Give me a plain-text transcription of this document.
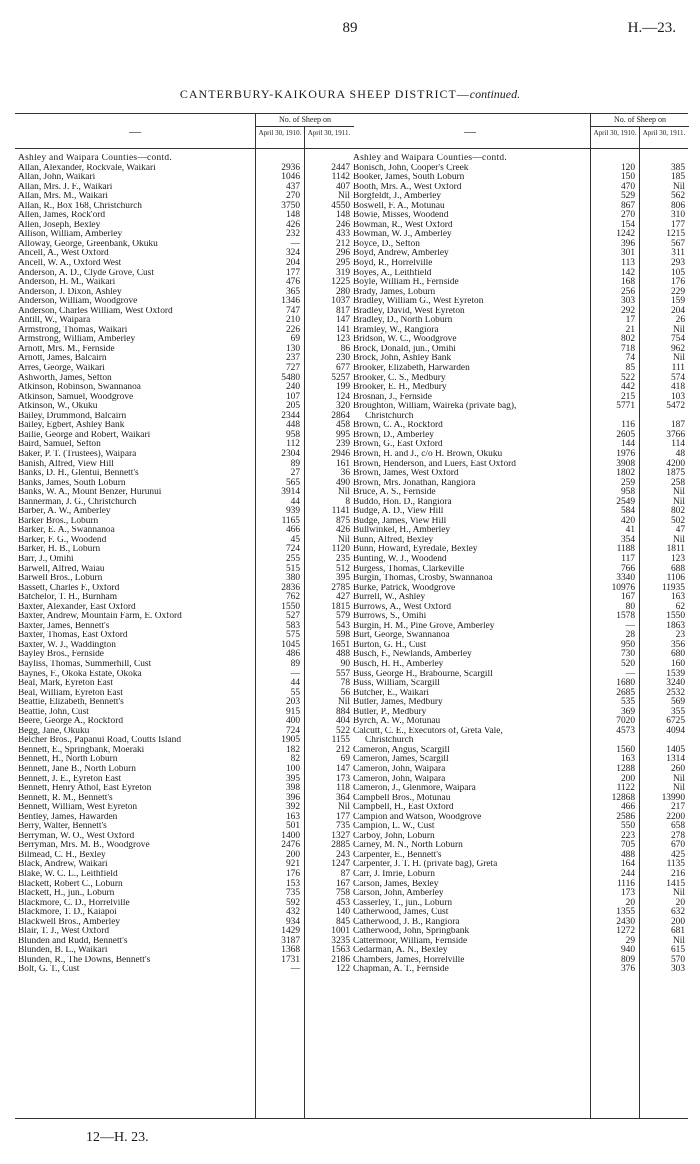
89	H.—23.
CANTERBURY-KAIKOURA SHEEP DISTRICT—continued.
—
No. of Sheep on
April 30, 1910. April 30, 1911.
Ashley and Waipara Counties—contd.
Allan, Alexander, Rockvale, Waikari	2936	2447
Allan, John, Waikari	1046	1142
Allan, Mrs. J. F., Waikari	437	407
Allan, Mrs. M., Waikari	270	Nil
Allan, R., Box 168, Christchurch	3750	4550
Allen, James, Rock'ord	148	148
Allen, Joseph, Bexley	426	246
Allison, William, Amberley	232	433
Alloway, George, Greenbank, Okuku	—	212
Ancell, A., West Oxford	324	296
Ancell, W. A., Oxford West	204	295
Anderson, A. D., Clyde Grove, Cust	177	319
Anderson, H. M., Waikari	476	1225
Anderson, J. Dixon, Ashley	365	280
Anderson, William, Woodgrove	1346	1037
Anderson, Charles William, West Oxford	747	817
Antill, W., Waipara	210	147
Armstrong, Thomas, Waikari	226	141
Armstrong, William, Amberley	69	123
Arnott, Mrs. M., Fernside	130	86
Arnott, James, Balcairn	237	230
Arres, George, Waikari	727	677
Ashworth, James, Sefton	5480	5257
Atkinson, Robinson, Swannanoa	240	199
Atkinson, Samuel, Woodgrove	107	124
Atkinson, W., Okuku	205	320
Bailey, Drummond, Balcairn	2344	2864
Bailey, Egbert, Ashley Bank	448	458
Bailie, George and Robert, Waikari	958	995
Baird, Samuel, Sefton	112	239
Baker, P. T. (Trustees), Waipara	2304	2946
Banish, Alfred, View Hill	89	161
Banks, D. H., Glentui, Bennett's	27	36
Banks, James, South Loburn	565	490
Banks, W. A., Mount Benzer, Hurunui	3914	Nil
Bannerman, J. G., Christchurch	44	8
Barber, A. W., Amberley	939	1141
Barker Bros., Loburn	1165	875
Barker, E. A., Swannanoa	466	426
Barker, F. G., Woodend	45	Nil
Barker, H. B., Loburn	724	1120
Barr, J., Omihi	255	235
Barwell, Alfred, Waiau	515	512
Barwell Bros., Loburn	380	395
Bassett, Charles F., Oxford	2836	2785
Batchelor, T. H., Burnham	762	427
Baxter, Alexander, East Oxford	1550	1815
Baxter, Andrew, Mountain Farm, E. Oxford	527	579
Baxter, James, Bennett's	583	543
Baxter, Thomas, East Oxford	575	598
Baxter, W. J., Waddington	1045	1651
Bayley Bros., Fernside	486	488
Bayliss, Thomas, Summerhill, Cust	89	90
Baynes, F., Okoka Estate, Okoka	—	557
Beal, Mark, Eyreton East	44	78
Beal, William, Eyreton East	55	56
Beattie, Elizabeth, Bennett's	203	Nil
Beattie, John, Cust	915	884
Beere, George A., Rockford	400	404
Begg, Jane, Okuku	724	522
Belcher Bros., Papanui Road, Coutts Island	1905	1155
Bennett, E., Springbank, Moeraki	182	212
Bennett, H., North Loburn	82	69
Bennett, Jane B., North Loburn	100	147
Bennett, J. E., Eyreton East	395	173
Bennett, Henry Athol, East Eyreton	398	118
Bennett, R. M., Bennett's	396	364
Bennett, William, West Eyreton	392	Nil
Bentley, James, Hawarden	163	177
Berry, Walter, Bennett's	501	735
Berryman, W. O., West Oxford	1400	1327
Berryman, Mrs. M. B., Woodgrove	2476	2885
Bilmead, C. H., Bexley	200	243
Black, Andrew, Waikari	921	1247
Blake, W. C. L., Leithfield	176	87
Blackett, Robert C., Loburn	153	167
Blackett, H., jun., Loburn	735	758
Blackmore, C. D., Horrelville	592	453
Blackmore, T. D., Kaiapoi	432	140
Blackwell Bros., Amberley	934	845
Blair, T. J., West Oxford	1429	1001
Blunden and Rudd, Bennett's	3187	3235
Blunden, B. L., Waikari	1368	1563
Blunden, R., The Downs, Bennett's	1731	2186
Bolt, G. T., Cust	—	122
—
No. of Sheep on
April 30, 1910. April 30, 1911.
Ashley and Waipara Counties—contd.
Bonisch, John, Cooper's Creek	120	385
Booker, James, South Loburn	150	185
Booth, Mrs. A., West Oxford	470	Nil
Borgfeldt, J., Amberley	529	562
Boswell, F. A., Motunau	867	806
Bowie, Misses, Woodend	270	310
Bowman, R., West Oxford	154	177
Bowman, W. J., Amberley	1242	1215
Boyce, D., Sefton	396	567
Boyd, Andrew, Amberley	301	311
Boyd, R., Horrelville	113	293
Boyes, A., Leithfield	142	105
Boyle, William H., Fernside	168	176
Brady, James, Loburn	256	229
Bradley, William G., West Eyreton	303	159
Bradley, David, West Eyreton	292	204
Bradley, D., North Loburn	17	26
Bramley, W., Rangiora	21	Nil
Bridson, W. C., Woodgrove	802	754
Brock, Donald, jun., Omihi	718	962
Brock, John, Ashley Bank	74	Nil
Brooker, Elizabeth, Harwarden	85	111
Brooker, C. S., Medbury	522	574
Brooker, E. H., Medbury	442	418
Brosnan, J., Fernside	215	103
Broughton, William, Waireka (private bag),	5771	5472
Christchurch
Brown, C. A., Rockford	116	187
Brown, D., Amberley	2605	3766
Brown, G., East Oxford	144	114
Brown, H. and J., c/o H. Brown, Okuku	1976	48
Brown, Henderson, and Luers, East Oxford	3908	4200
Brown, James, West Oxford	1802	1875
Brown, Mrs. Jonathan, Rangiora	259	258
Bruce, A. S., Fernside	958	Nil
Buddo, Hon. D., Rangiora	2549	Nil
Budge, A. D., View Hill	584	802
Budge, James, View Hill	420	502
Bullwinkel, H., Amberley	41	47
Bunn, Alfred, Bexley	354	Nil
Bunn, Howard, Eyredale, Bexley	1188	1811
Bunting, W. J., Woodend	117	123
Burgess, Thomas, Clarkeville	766	688
Burgin, Thomas, Crosby, Swannanoa	3340	1106
Burke, Patrick, Woodgrove	10976	11935
Burrell, W., Ashley	167	163
Burrows, A., West Oxford	80	62
Burrows, S., Omihi	1578	1550
Burgin, H. M., Pine Grove, Amberley	—	1863
Burt, George, Swannanoa	28	23
Burton, G. H., Cust	950	356
Busch, F., Newlands, Amberley	730	680
Busch, H. H., Amberley	520	160
Buss, George H., Brabourne, Scargill	—	1539
Buss, William, Scargill	1680	3240
Butcher, E., Waikari	2685	2532
Butler, James, Medbury	535	569
Butler, P., Medbury	369	355
Byrch, A. W., Motunau	7020	6725
Calcutt, C. E., Executors of, Greta Vale,	4573	4094
Christchurch
Cameron, Angus, Scargill	1560	1405
Cameron, James, Scargill	163	1314
Cameron, John, Waipara	1288	260
Cameron, John, Waipara	200	Nil
Cameron, J., Glenmore, Waipara	1122	Nil
Campbell Bros., Motunau	12868	13990
Campbell, H., East Oxford	466	217
Campion and Watson, Woodgrove	2586	2200
Campion, L. W., Cust	550	658
Carboy, John, Loburn	223	278
Carney, M. N., North Loburn	705	670
Carpenter, E., Bennett's	488	425
Carpenter, J. T. H. (private bag), Greta	164	1135
Carr, J. Imrie, Loburn	244	216
Carson, James, Bexley	1116	1415
Carson, John, Amberley	173	Nil
Casserley, T., jun., Loburn	20	20
Catherwood, James, Cust	1355	632
Catherwood, J. B., Rangiora	2430	200
Catherwood, John, Springbank	1272	681
Cattermoor, William, Fernside	29	Nil
Cedarman, A. N., Bexley	940	615
Chambers, James, Horrelville	809	570
Chapman, A. T., Fernside	376	303
12—H. 23.
